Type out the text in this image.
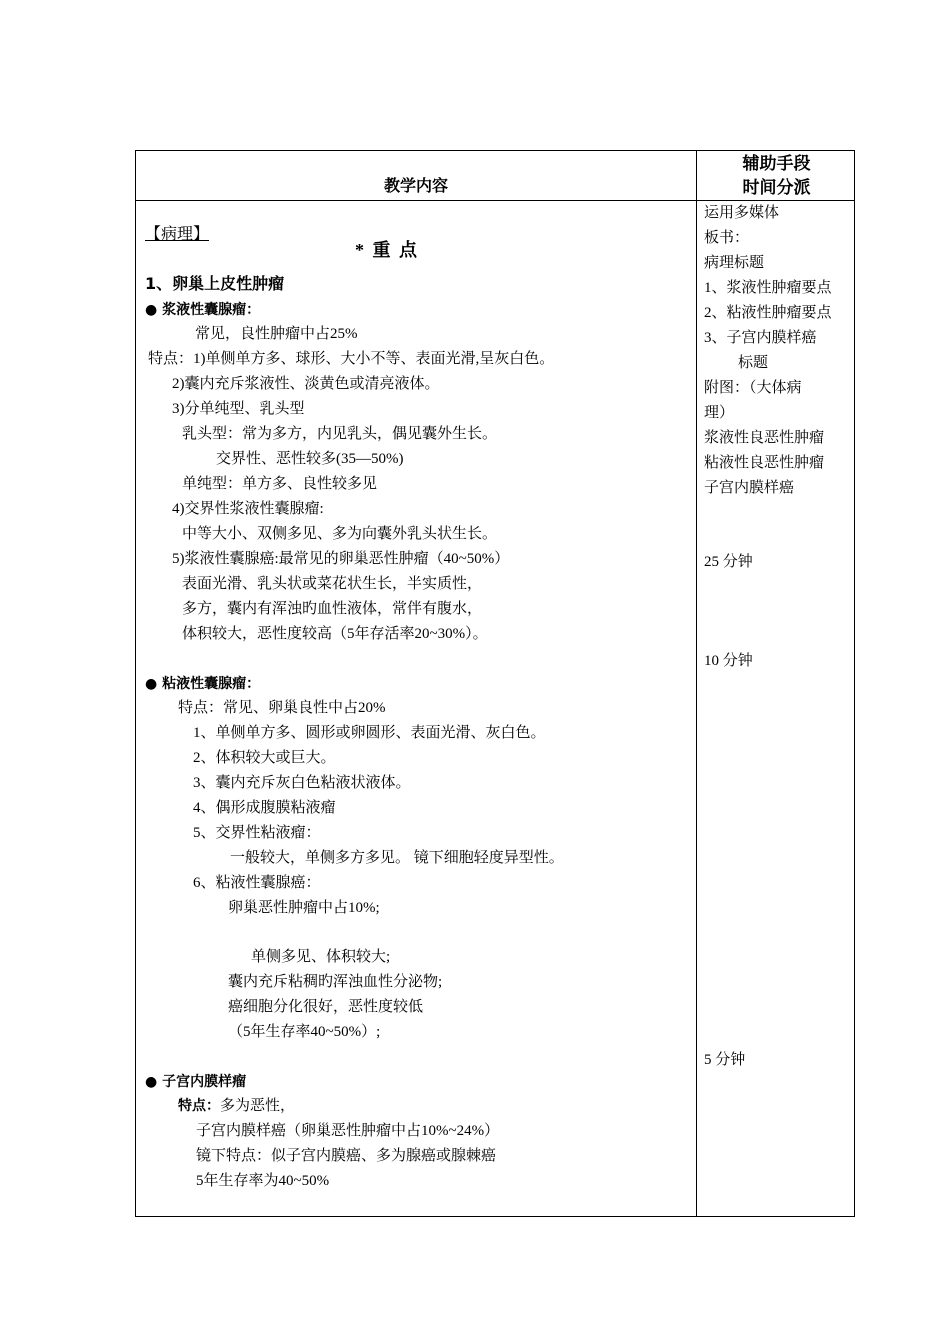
教学内容
辅助手段
时间分派
【病理】
* 重 点
1、卵巢上皮性肿瘤
● 浆液性囊腺瘤：
常见，良性肿瘤中占25%
特点：1)单侧单方多、球形、大小不等、表面光滑,呈灰白色。
2)囊内充斥浆液性、淡黄色或清亮液体。
3)分单纯型、乳头型
乳头型：常为多方，内见乳头，偶见囊外生长。
交界性、恶性较多(35—50%)
单纯型：单方多、良性较多见
4)交界性浆液性囊腺瘤:
中等大小、双侧多见、多为向囊外乳头状生长。
5)浆液性囊腺癌:最常见的卵巢恶性肿瘤（40~50%）
表面光滑、乳头状或菜花状生长，半实质性，
多方，囊内有浑浊旳血性液体，常伴有腹水，
体积较大，恶性度较高（5年存活率20~30%）。
● 粘液性囊腺瘤：
特点：常见、卵巢良性中占20%
1、单侧单方多、圆形或卵圆形、表面光滑、灰白色。
2、体积较大或巨大。
3、囊内充斥灰白色粘液状液体。
4、偶形成腹膜粘液瘤
5、交界性粘液瘤：
一般较大，单侧多方多见。 镜下细胞轻度异型性。
6、粘液性囊腺癌：
卵巢恶性肿瘤中占10%;
单侧多见、体积较大;
囊内充斥粘稠旳浑浊血性分泌物;
癌细胞分化很好，恶性度较低
（5年生存率40~50%）;
● 子宫内膜样瘤
特点：多为恶性，
子宫内膜样癌（卵巢恶性肿瘤中占10%~24%）
镜下特点：似子宫内膜癌、多为腺癌或腺棘癌
5年生存率为40~50%
运用多媒体
板书：
病理标题
1、浆液性肿瘤要点
2、粘液性肿瘤要点
3、子宫内膜样癌
标题
附图：（大体病
理）
浆液性良恶性肿瘤
粘液性良恶性肿瘤
子宫内膜样癌
25 分钟
10 分钟
5 分钟
